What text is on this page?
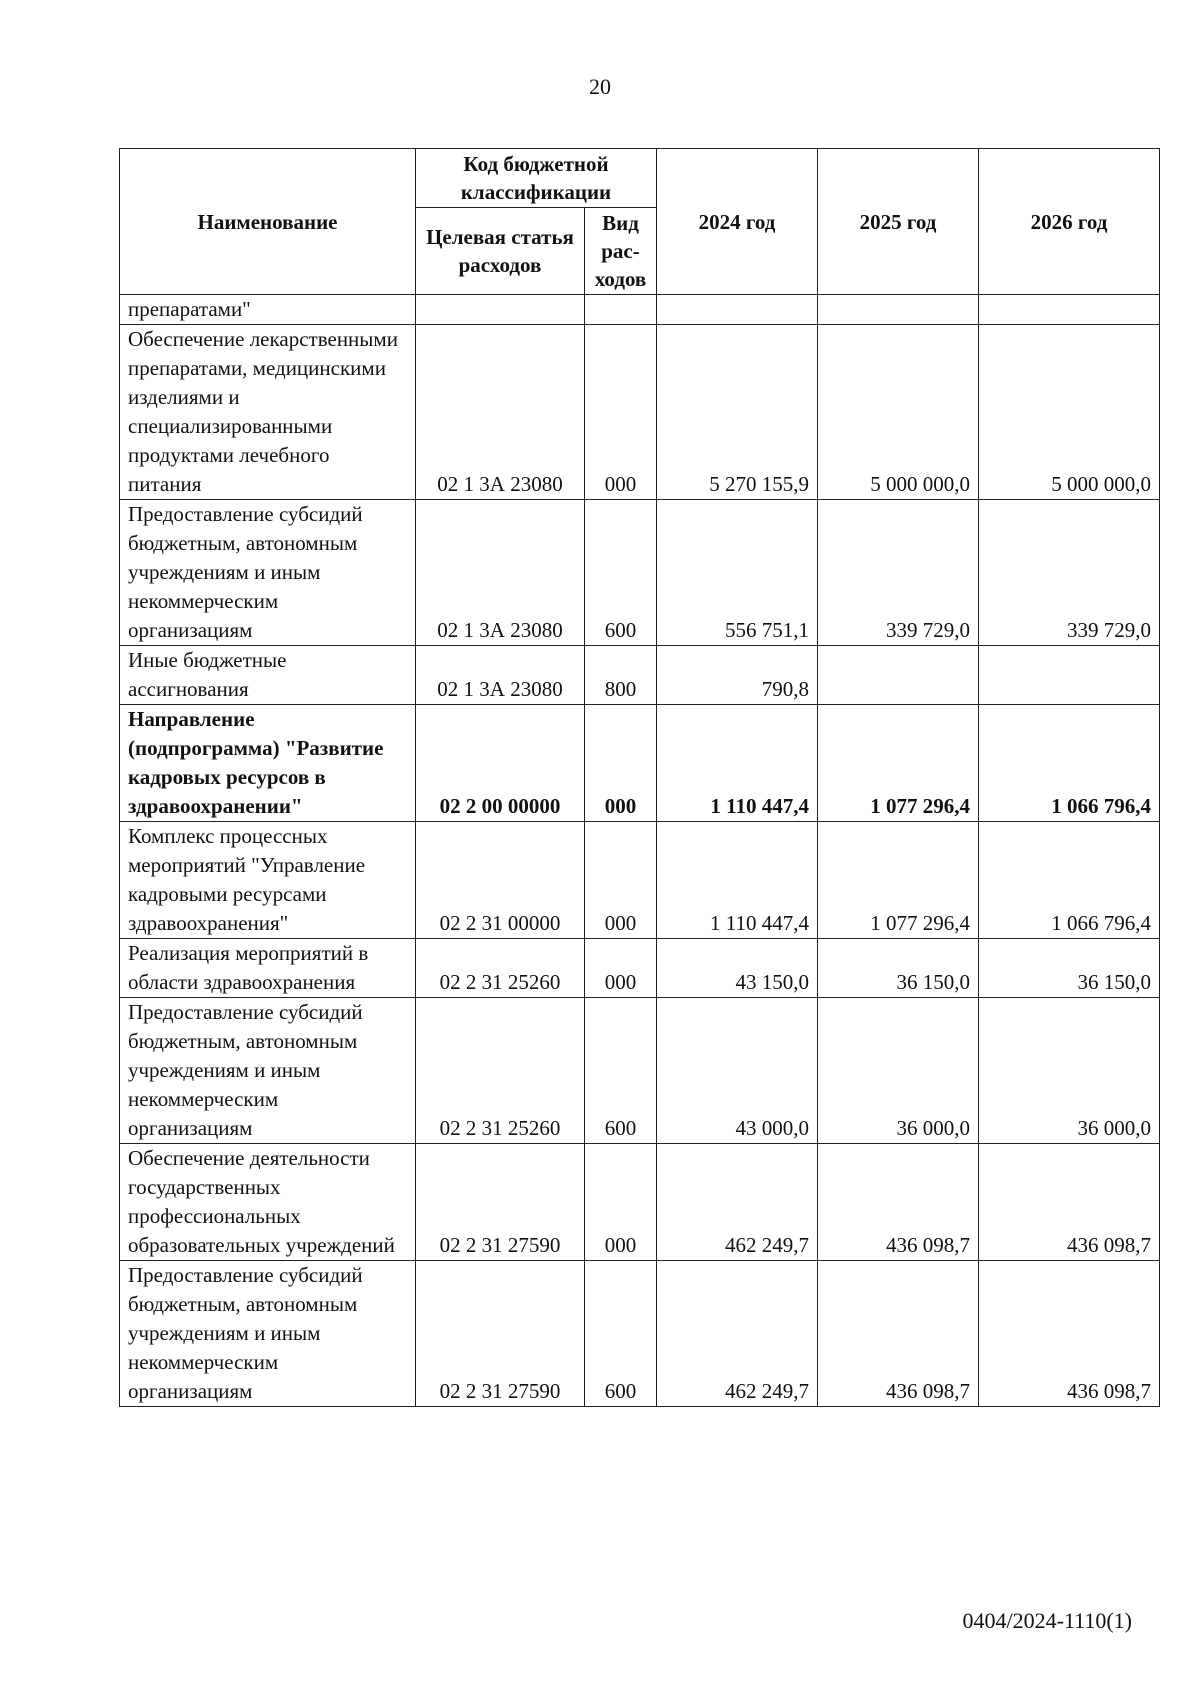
20
Наименование	Код бюджетной классификации		2024 год	2025 год	2026 год
	Целевая статья расходов	Вид рас-ходов			
препаратами"					
Обеспечение лекарственными препаратами, медицинскими изделиями и специализированными продуктами лечебного питания	02 1 3А 23080	000	5 270 155,9	5 000 000,0	5 000 000,0
Предоставление субсидий бюджетным, автономным учреждениям и иным некоммерческим организациям	02 1 3А 23080	600	556 751,1	339 729,0	339 729,0
Иные бюджетные ассигнования	02 1 3А 23080	800	790,8		
Направление (подпрограмма) "Развитие кадровых ресурсов в здравоохранении"	02 2 00 00000	000	1 110 447,4	1 077 296,4	1 066 796,4
Комплекс процессных мероприятий "Управление кадровыми ресурсами здравоохранения"	02 2 31 00000	000	1 110 447,4	1 077 296,4	1 066 796,4
Реализация мероприятий в области здравоохранения	02 2 31 25260	000	43 150,0	36 150,0	36 150,0
Предоставление субсидий бюджетным, автономным учреждениям и иным некоммерческим организациям	02 2 31 25260	600	43 000,0	36 000,0	36 000,0
Обеспечение деятельности государственных профессиональных образовательных учреждений	02 2 31 27590	000	462 249,7	436 098,7	436 098,7
Предоставление субсидий бюджетным, автономным учреждениям и иным некоммерческим организациям	02 2 31 27590	600	462 249,7	436 098,7	436 098,7
0404/2024-1110(1)
